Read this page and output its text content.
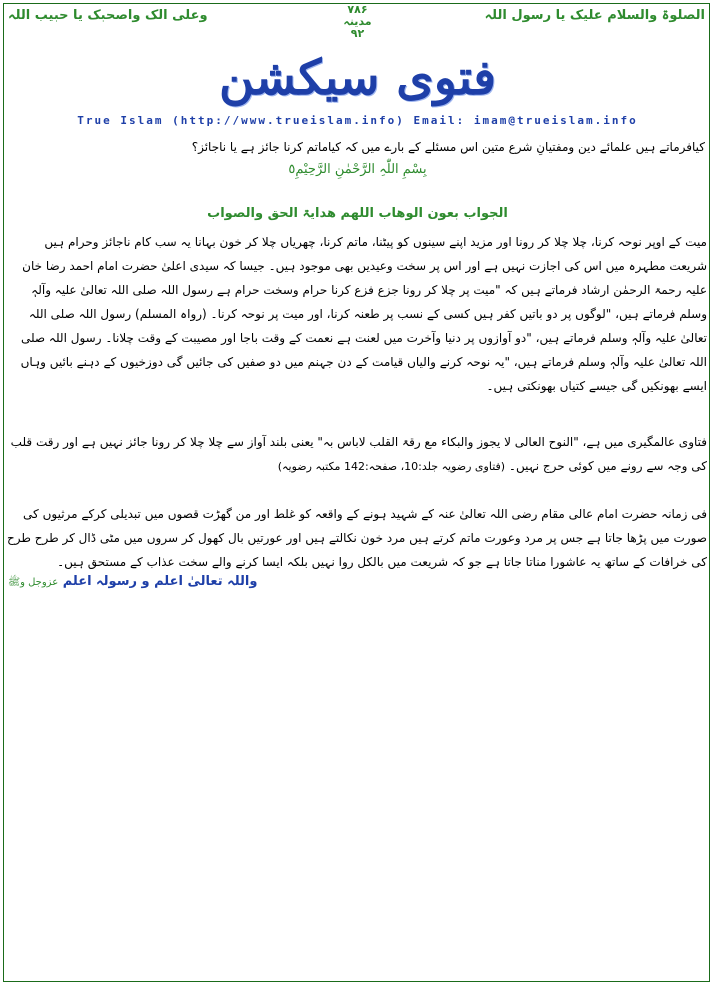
الصلوۃ والسلام علیک یا رسول اللہ
وعلی الک واصحبک یا حبیب اللہ	۷۸۶
مدینہ
۹۲
فتوی سیکشن
True Islam (http://www.trueislam.info) Email: imam@trueislam.info
کیافرماتے ہیں علمائے دین ومفتیانِ شرع متین اس مسئلے کے بارے میں کہ کیاماتم کرنا جائز ہے یا ناجائز؟
بِسْمِ اللّٰہِ الرَّحْمٰنِ الرَّحِیْمِ٥
الجواب بعون الوھاب اللھم ھدایۃ الحق والصواب
میت کے اوپر نوحہ کرنا، چلا چلا کر رونا اور مزید اپنے سینوں کو پیٹنا، ماتم کرنا، چھریاں چلا کر خون بہانا یہ سب کام ناجائز وحرام ہیں شریعت مطہرہ میں اس کی اجازت نہیں ہے اور اس پر سخت وعیدیں بھی موجود ہیں۔ جیسا کہ سیدی اعلیٰ حضرت امام احمد رضا خان علیہ رحمۃ الرحمٰن ارشاد فرماتے ہیں کہ "میت پر چلا کر رونا جزع فزع کرنا حرام وسخت حرام ہے رسول اللہ صلی اللہ تعالیٰ علیہ وآلہٖ وسلم فرماتے ہیں، "لوگوں پر دو باتیں کفر ہیں کسی کے نسب پر طعنہ کرنا، اور میت پر نوحہ کرنا۔ (رواہ المسلم) رسول اللہ صلی اللہ تعالیٰ علیہ وآلہٖ وسلم فرماتے ہیں، "دو آوازوں پر دنیا وآخرت میں لعنت ہے نعمت کے وقت باجا اور مصیبت کے وقت چلانا۔ رسول اللہ صلی اللہ تعالیٰ علیہ وآلہٖ وسلم فرماتے ہیں، "یہ نوحہ کرنے والیاں قیامت کے دن جہنم میں دو صفیں کی جائیں گی دوزخیوں کے دہنے بائیں وہاں ایسے بھونکیں گی جیسے کتیاں بھونکتی ہیں۔
فتاوی عالمگیری میں ہے، "النوح العالی لا یجوز والبکاء مع رقۃ القلب لاباس بہ" یعنی بلند آواز سے چلا چلا کر رونا جائز نہیں ہے اور رقت قلب کی وجہ سے رونے میں کوئی حرج نہیں۔ (فتاوی رضویہ جلد:10، صفحہ:142 مکتبہ رضویہ)
فی زمانہ حضرت امام عالی مقام رضی اللہ تعالیٰ عنہ کے شہید ہونے کے واقعہ کو غلط اور من گھڑت قصوں میں تبدیلی کرکے مرثیوں کی صورت میں پڑھا جاتا ہے جس پر مرد وعورت ماتم کرتے ہیں مرد خون نکالتے ہیں اور عورتیں بال کھول کر سروں میں مٹی ڈال کر طرح طرح کی خرافات کے ساتھ یہ عاشورا مناتا جاتا ہے جو کہ شریعت میں بالکل روا نہیں بلکہ ایسا کرنے والے سخت عذاب کے مستحق ہیں۔
واللہ تعالیٰ اعلم و رسولہ اعلم عزوجل وﷺ
